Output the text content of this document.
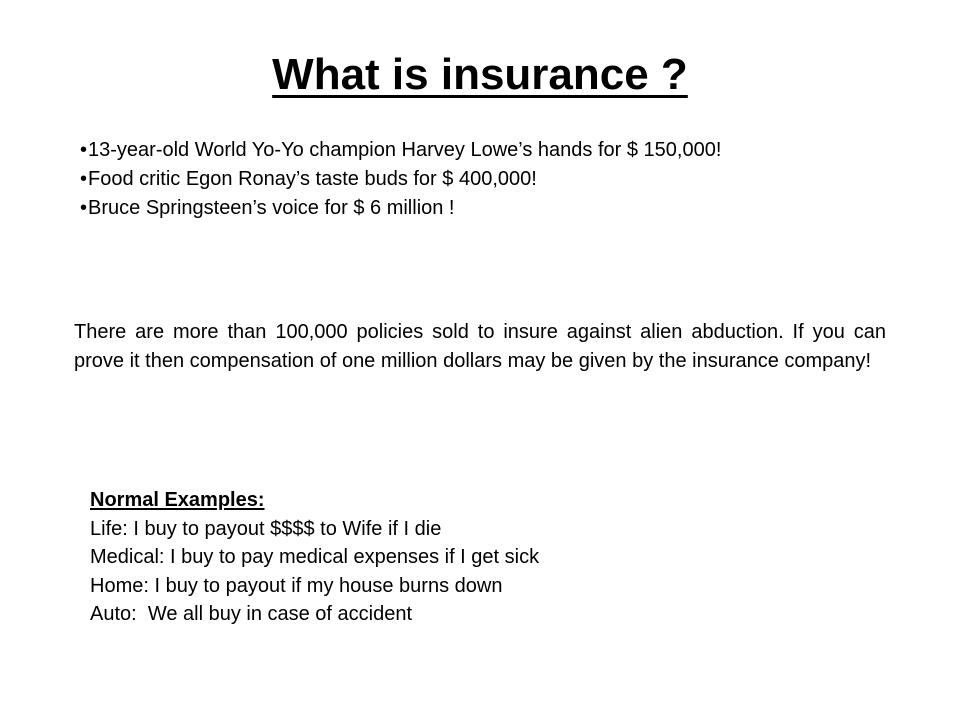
What is insurance ?
•13-year-old World Yo-Yo champion Harvey Lowe’s hands for $ 150,000!
•Food critic Egon Ronay’s taste buds for $ 400,000!
•Bruce Springsteen’s voice for $ 6 million !

There are more than 100,000 policies sold to insure against alien abduction. If you can prove it then compensation of one million dollars may be given by the insurance company!

Normal Examples:
Life: I buy to payout $$$$ to Wife if I die
Medical: I buy to pay medical expenses if I get sick
Home: I buy to payout if my house burns down
Auto:  We all buy in case of accident
